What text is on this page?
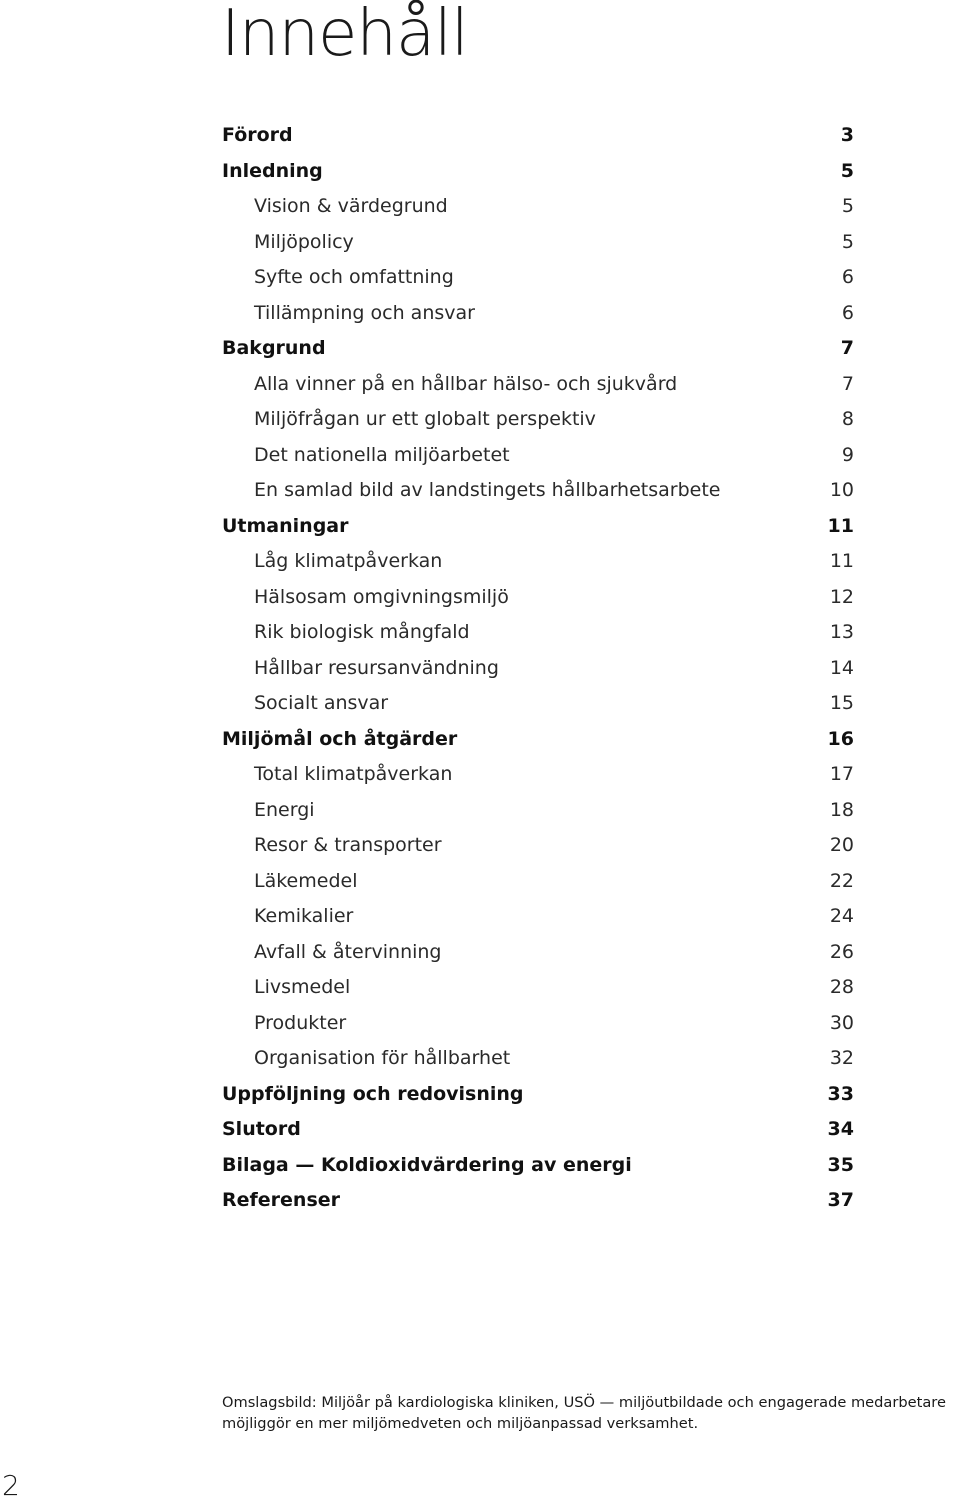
Innehåll
Förord	3
Inledning	5
Vision & värdegrund	5
Miljöpolicy	5
Syfte och omfattning	6
Tillämpning och ansvar	6
Bakgrund	7
Alla vinner på en hållbar hälso- och sjukvård	7
Miljöfrågan ur ett globalt perspektiv	8
Det nationella miljöarbetet	9
En samlad bild av landstingets hållbarhetsarbete	10
Utmaningar	11
Låg klimatpåverkan	11
Hälsosam omgivningsmiljö	12
Rik biologisk mångfald	13
Hållbar resursanvändning	14
Socialt ansvar	15
Miljömål och åtgärder	16
Total klimatpåverkan	17
Energi	18
Resor & transporter	20
Läkemedel	22
Kemikalier	24
Avfall & återvinning	26
Livsmedel	28
Produkter	30
Organisation för hållbarhet	32
Uppföljning och redovisning	33
Slutord	34
Bilaga — Koldioxidvärdering av energi	35
Referenser	37

Omslagsbild: Miljöår på kardiologiska kliniken, USÖ — miljöutbildade och engagerade medarbetare
möjliggör en mer miljömedveten och miljöanpassad verksamhet.

2
